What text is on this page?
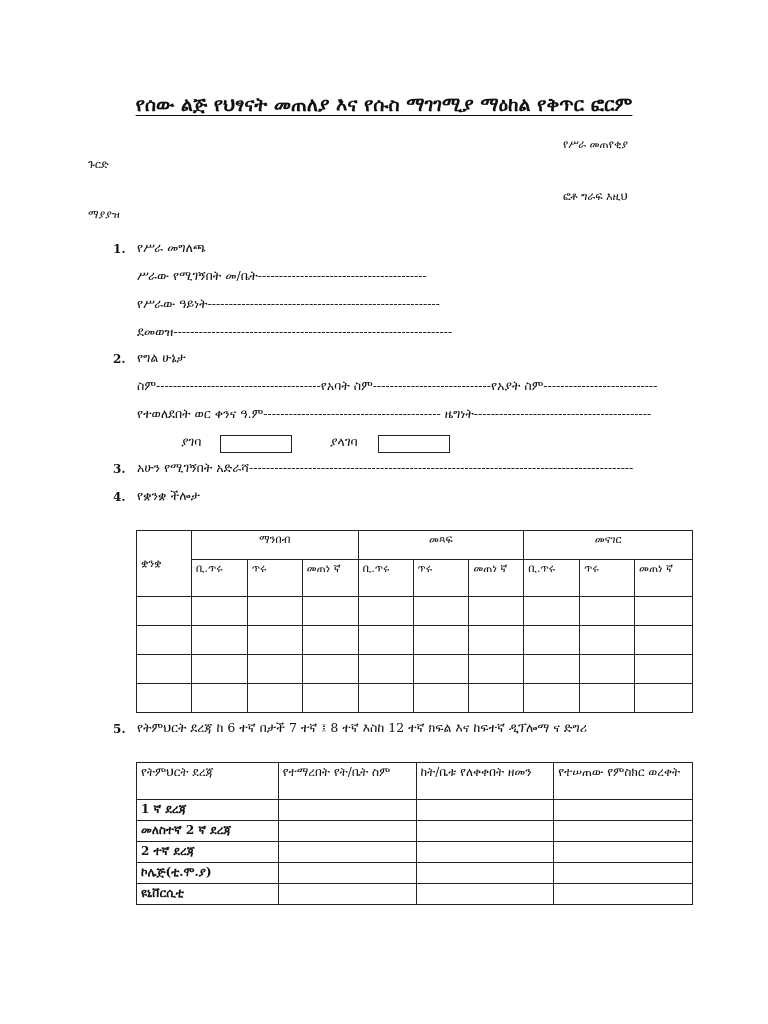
የሰው ልጅ የህፃናት መጠለያ እና የሱስ ማገገሚያ ማዕከል የቅጥር ፎርም
የሥራ መጠየቂያ
ጉርድ
ፎቶ ግራፍ እዚህ
ማያያዝ
1. የሥራ መግለጫ
ሥራው የሚገኝበት መ/ቤት----------------------------------------
የሥራው ዓይነት-------------------------------------------------------
ደመወዝ------------------------------------------------------------------
2. የግል ሁኔታ
ስም---------------------------------------የአባት ስም----------------------------የአያት ስም---------------------------
የተወለደበት ወር ቀንና ዓ.ም------------------------------------------ ዜግነት------------------------------------------
ያገባ	ያላገባ
3. አሁን የሚገኝበት አድራሻ-------------------------------------------------------------------------------------------
4. የቋንቋ ችሎታ
ቋንቋ	ማንበብ			መጻፍ			መናገር		
	ቢ.ጥሩ	ጥሩ	መጠነ ኛ	ቢ.ጥሩ	ጥሩ	መጠነ ኛ	ቢ.ጥሩ	ጥሩ	መጠነ ኛ

5. የትምህርት ደረጃ ከ 6 ተኛ በታች 7 ተኛ ፤ 8 ተኛ እስከ 12 ተኛ ክፍል እና ከፍተኛ ዲፕሎማ ና ድግሪ
የትምህርት ደረጃ	የተማረበት የት/ቤት ስም	ከት/ቤቱ የለቀቀበት ዘመን	የተሠጠው የምስክር ወረቀት
1 ኛ ደረጃ			
መለስተኛ 2 ኛ ደረጃ			
2 ተኛ ደረጃ			
ኮሌጅ(ቲ.ሞ.ያ)			
ዩኒቨርሲቲ			
